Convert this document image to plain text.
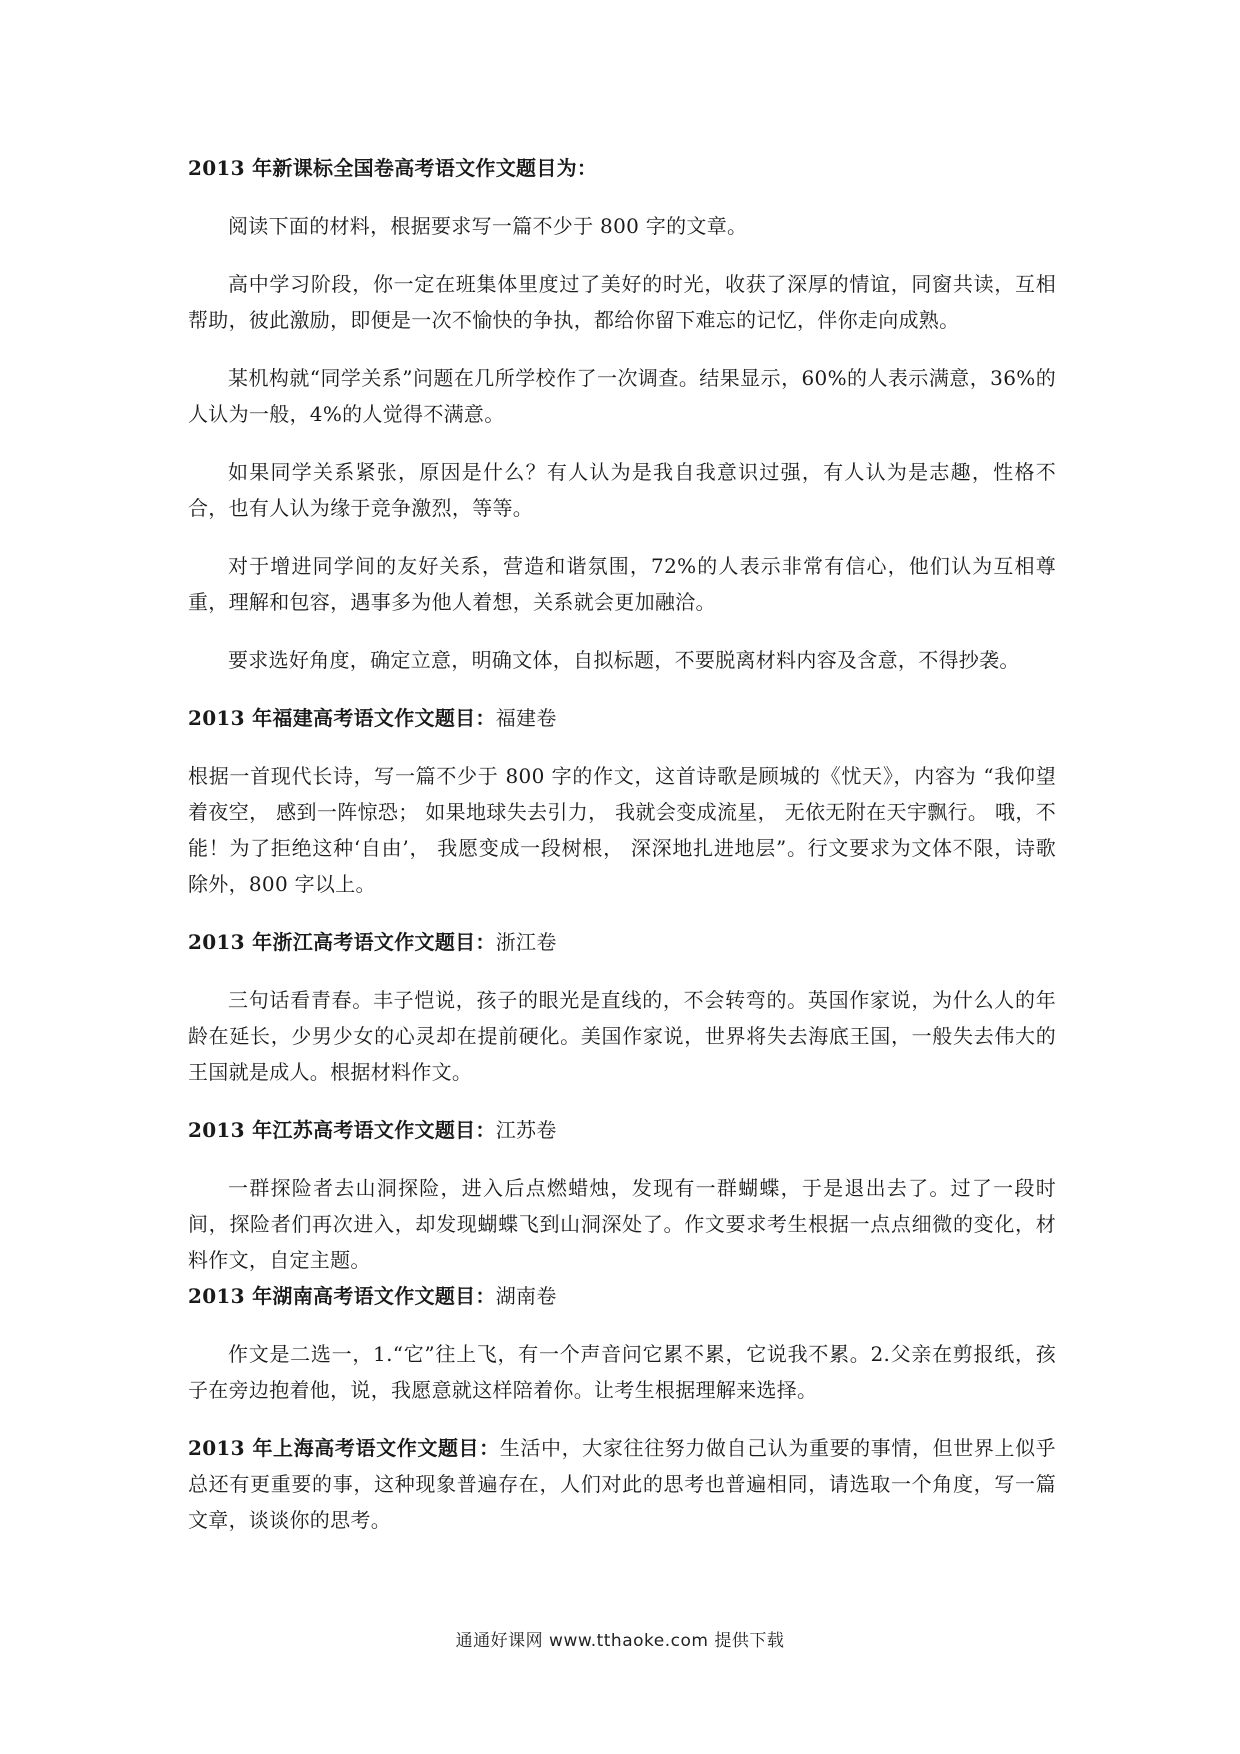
2013 年新课标全国卷高考语文作文题目为：

阅读下面的材料，根据要求写一篇不少于 800 字的文章。

高中学习阶段，你一定在班集体里度过了美好的时光，收获了深厚的情谊，同窗共读，互相帮助，彼此激励，即便是一次不愉快的争执，都给你留下难忘的记忆，伴你走向成熟。

某机构就“同学关系”问题在几所学校作了一次调查。结果显示，60%的人表示满意，36%的人认为一般，4%的人觉得不满意。

如果同学关系紧张，原因是什么？有人认为是我自我意识过强，有人认为是志趣，性格不合，也有人认为缘于竞争激烈，等等。

对于增进同学间的友好关系，营造和谐氛围，72%的人表示非常有信心，他们认为互相尊重，理解和包容，遇事多为他人着想，关系就会更加融洽。

要求选好角度，确定立意，明确文体，自拟标题，不要脱离材料内容及含意，不得抄袭。

2013 年福建高考语文作文题目：福建卷

根据一首现代长诗，写一篇不少于 800 字的作文，这首诗歌是顾城的《忧天》，内容为 “我仰望着夜空， 感到一阵惊恐； 如果地球失去引力， 我就会变成流星， 无依无附在天宇飘行。 哦，不能！为了拒绝这种‘自由’， 我愿变成一段树根， 深深地扎进地层”。行文要求为文体不限，诗歌除外，800 字以上。

2013 年浙江高考语文作文题目：浙江卷

三句话看青春。丰子恺说，孩子的眼光是直线的，不会转弯的。英国作家说，为什么人的年龄在延长，少男少女的心灵却在提前硬化。美国作家说，世界将失去海底王国，一般失去伟大的王国就是成人。根据材料作文。

2013 年江苏高考语文作文题目：江苏卷

一群探险者去山洞探险，进入后点燃蜡烛，发现有一群蝴蝶，于是退出去了。过了一段时间，探险者们再次进入，却发现蝴蝶飞到山洞深处了。作文要求考生根据一点点细微的变化，材料作文，自定主题。

2013 年湖南高考语文作文题目：湖南卷

作文是二选一，1.“它”往上飞，有一个声音问它累不累，它说我不累。2.父亲在剪报纸，孩子在旁边抱着他，说，我愿意就这样陪着你。让考生根据理解来选择。

2013 年上海高考语文作文题目：生活中，大家往往努力做自己认为重要的事情，但世界上似乎总还有更重要的事，这种现象普遍存在，人们对此的思考也普遍相同，请选取一个角度，写一篇文章，谈谈你的思考。

通通好课网 www.tthaoke.com 提供下载
